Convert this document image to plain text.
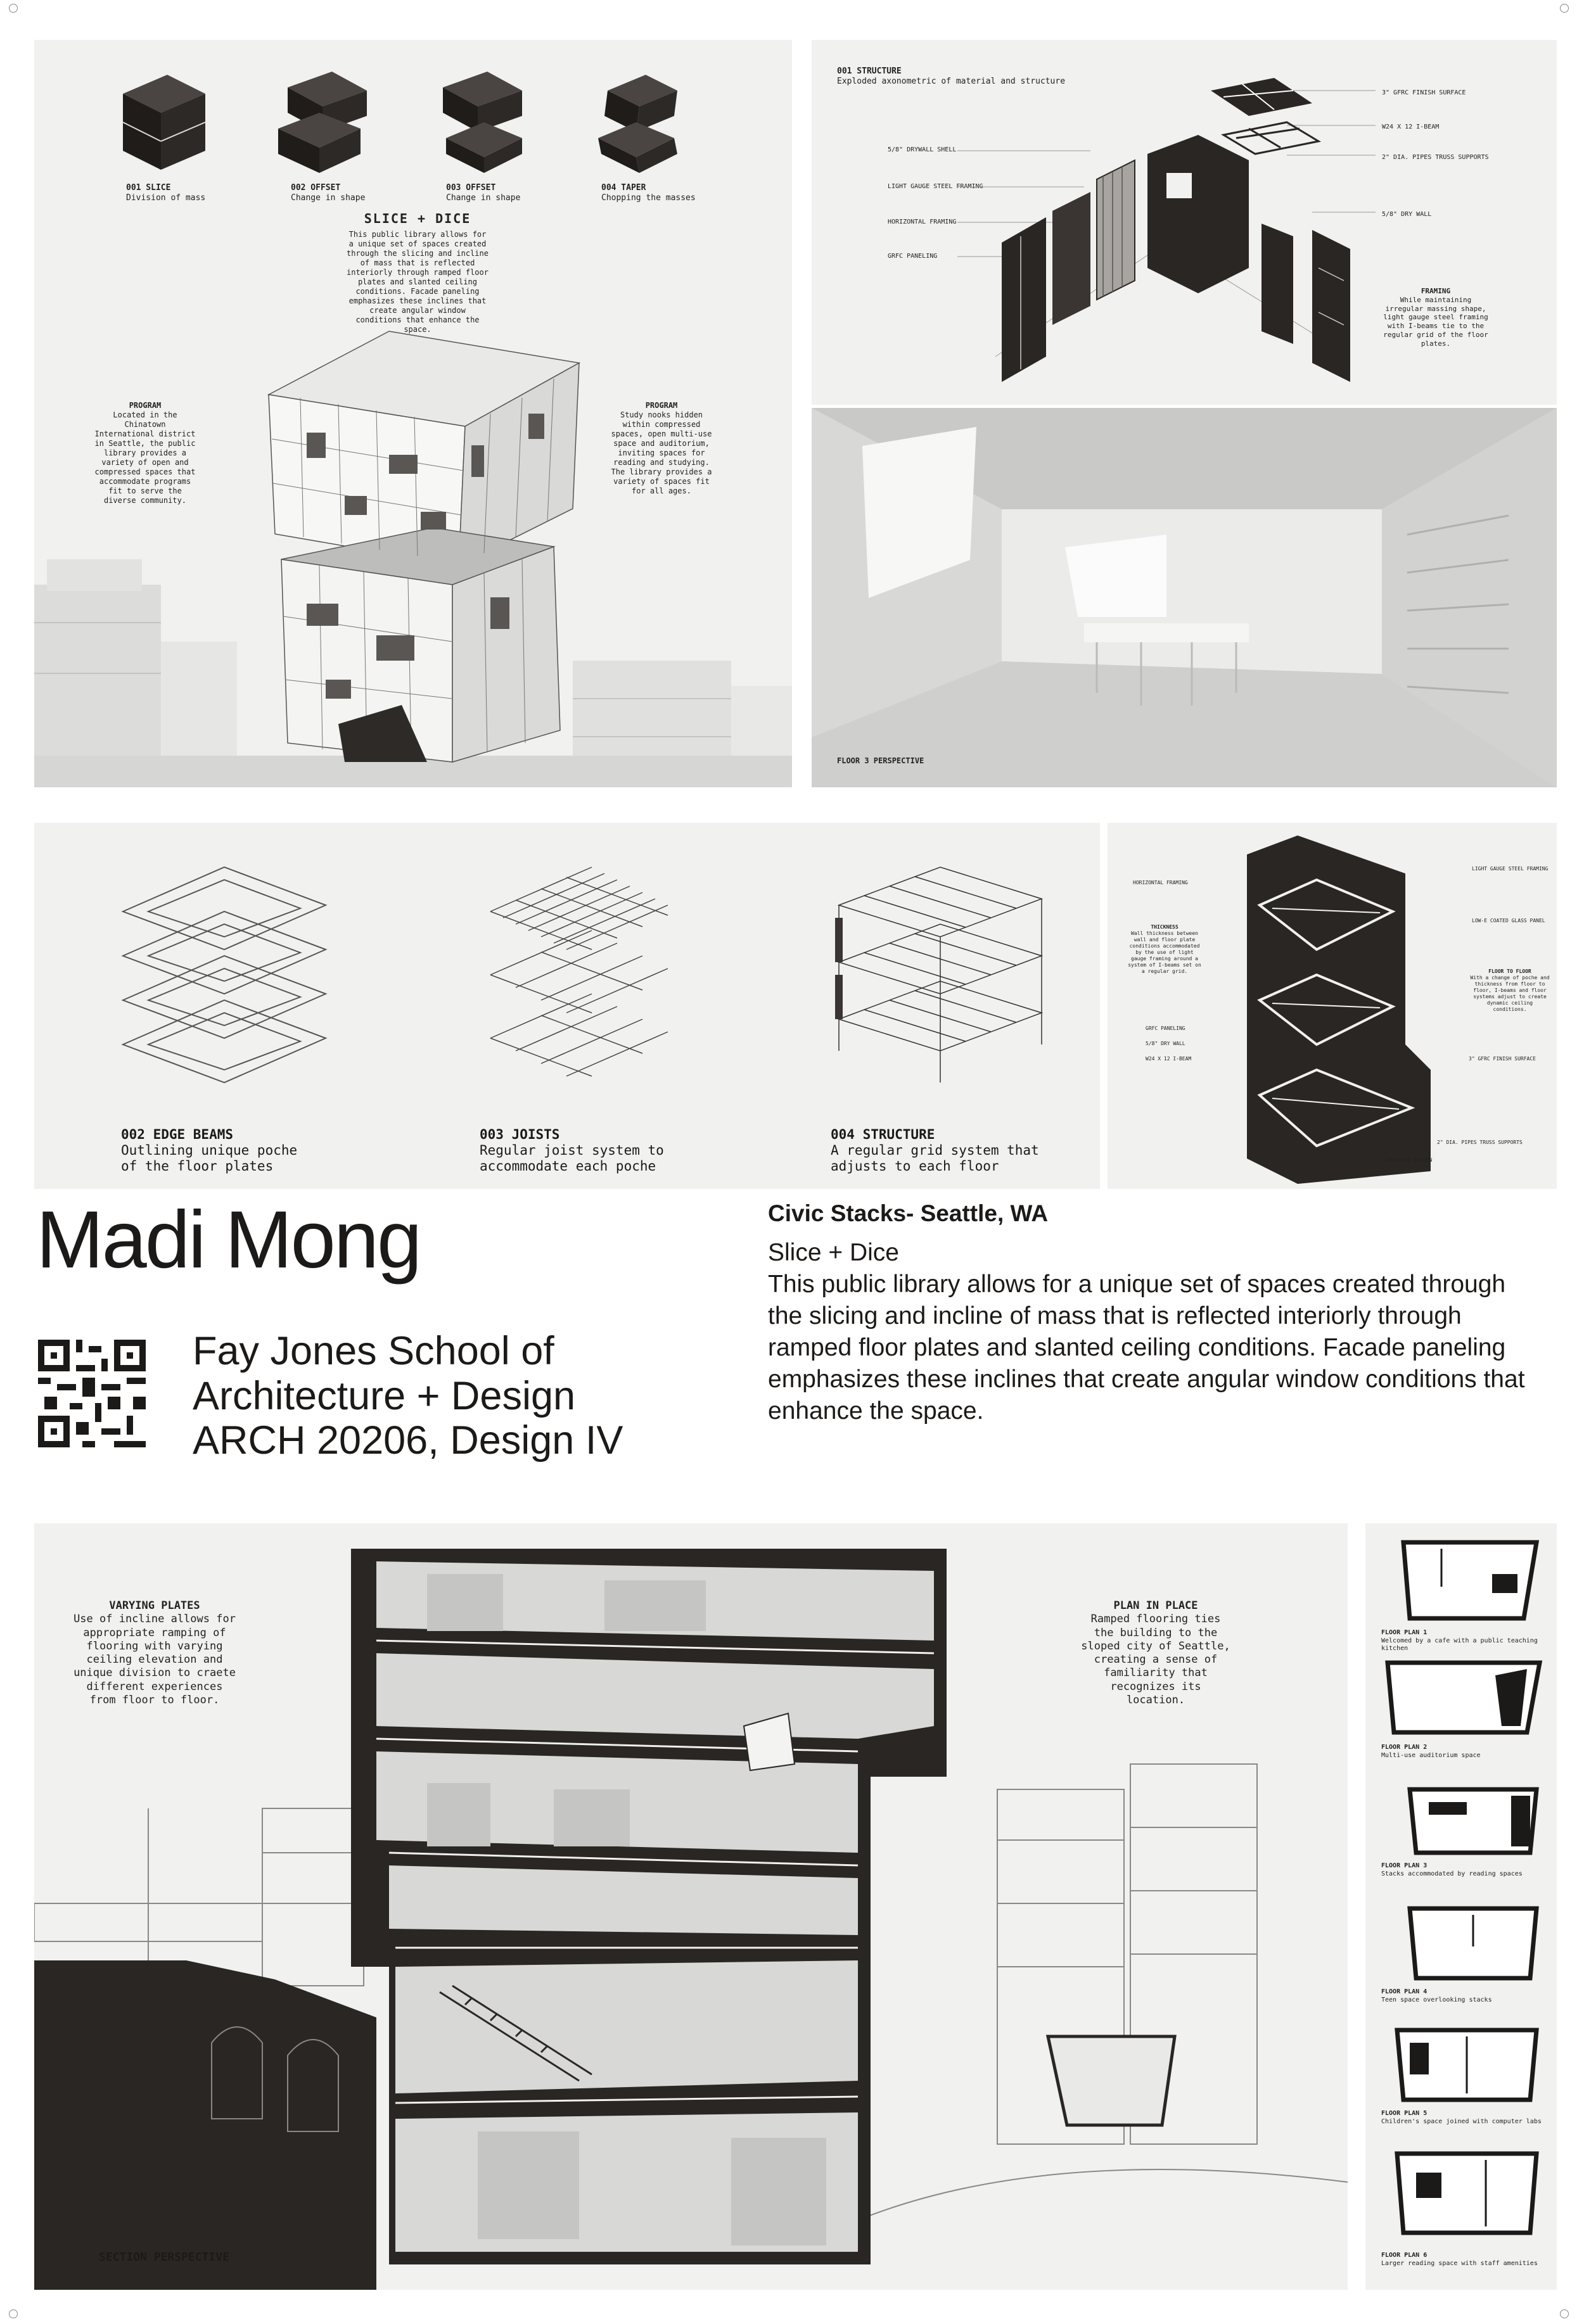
001 SLICE
Division of mass
002 OFFSET
Change in shape
003 OFFSET
Change in shape
004 TAPER
Chopping the masses
SLICE + DICE
This public library allows for a unique set of spaces created through the slicing and incline of mass that is reflected interiorly through ramped floor plates and slanted ceiling conditions. Facade paneling emphasizes these inclines that create angular window conditions that enhance the space.
PROGRAM
Located in the Chinatown International district in Seattle, the public library provides a variety of open and compressed spaces that accommodate programs fit to serve the diverse community.
PROGRAM
Study nooks hidden within compressed spaces, open multi-use space and auditorium, inviting spaces for reading and studying. The library provides a variety of spaces fit for all ages.
001 STRUCTURE
Exploded axonometric of material and structure
5/8" DRYWALL SHELL
LIGHT GAUGE STEEL FRAMING
HORIZONTAL FRAMING
GRFC PANELING
3" GFRC FINISH SURFACE
W24 X 12 I-BEAM
2" DIA. PIPES TRUSS SUPPORTS
5/8" DRY WALL
FRAMING
While maintaining irregular massing shape, light gauge steel framing with I-beams tie to the regular grid of the floor plates.
FLOOR 3 PERSPECTIVE
002 EDGE BEAMS
Outlining unique poche of the floor plates
003 JOISTS
Regular joist system to accommodate each poche
004 STRUCTURE
A regular grid system that adjusts to each floor
HORIZONTAL FRAMING
LIGHT GAUGE STEEL FRAMING
LOW-E COATED GLASS PANEL
THICKNESS
Wall thickness between wall and floor plate conditions accommodated by the use of light gauge framing around a system of I-beams set on a regular grid.	FLOOR TO FLOOR
With a change of poche and thickness from floor to floor, I-beams and floor systems adjust to create dynamic ceiling conditions.
GRFC PANELING
5/8" DRY WALL
W24 X 12 I-BEAM	3" GFRC FINISH SURFACE
2" DIA. PIPES TRUSS SUPPORTS
CONCRETE COLUMN
Madi Mong
Fay Jones School of
Architecture + Design
ARCH 20206, Design IV
Civic Stacks- Seattle, WA
Slice + Dice
This public library allows for a unique set of spaces created through the slicing and incline of mass that is reflected interiorly through ramped floor plates and slanted ceiling conditions. Facade paneling emphasizes these inclines that create angular window conditions that enhance the space.
VARYING PLATES
Use of incline allows for appropriate ramping of flooring with varying ceiling elevation and unique division to craete different experiences from floor to floor.
PLAN IN PLACE
Ramped flooring ties the building to the sloped city of Seattle, creating a sense of familiarity that recognizes its location.
SECTION PERSPECTIVE
FLOOR PLAN 1
Welcomed by a cafe with a public teaching kitchen
FLOOR PLAN 2
Multi-use auditorium space
FLOOR PLAN 3
Stacks accommodated by reading spaces
FLOOR PLAN 4
Teen space overlooking stacks
FLOOR PLAN 5
Children's space joined with computer labs
FLOOR PLAN 6
Larger reading space with staff amenities
